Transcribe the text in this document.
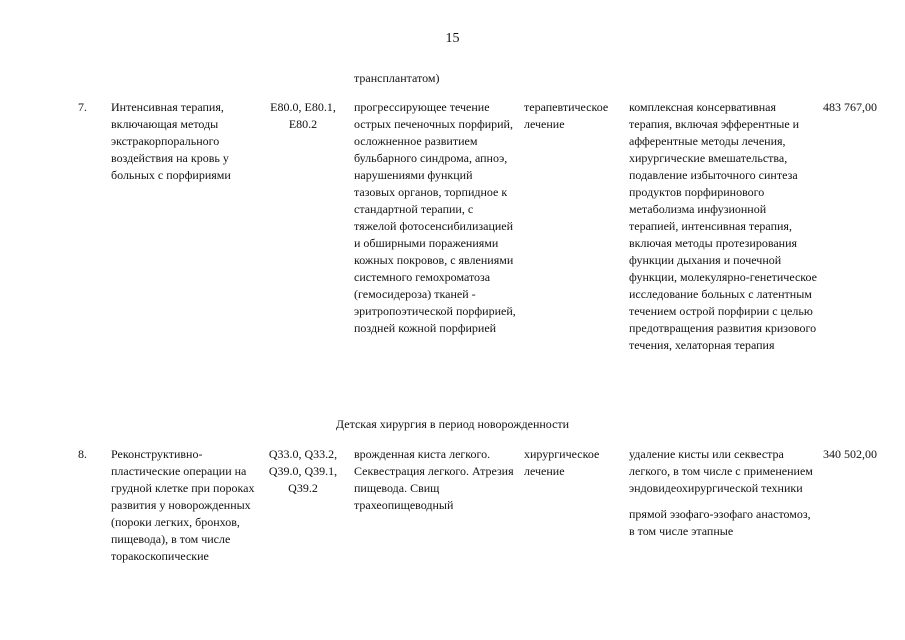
15
трансплантатом)
7.	Интенсивная терапия, включающая методы экстракорпорального воздействия на кровь у больных с порфириями
E80.0, E80.1, E80.2
прогрессирующее течение острых печеночных порфирий, осложненное развитием бульбарного синдрома, апноэ, нарушениями функций тазовых органов, торпидное к стандартной терапии, с тяжелой фотосенсибилизацией и обширными поражениями кожных покровов, с явлениями системного гемохроматоза (гемосидероза) тканей - эритропоэтической порфирией, поздней кожной порфирией
терапевтическое лечение

комплексная консервативная терапия, включая эфферентные и афферентные методы лечения, хирургические вмешательства, подавление избыточного синтеза продуктов порфиринового метаболизма инфузионной терапией, интенсивная терапия, включая методы протезирования функции дыхания и почечной функции, молекулярно-генетическое исследование больных с латентным течением острой порфирии с целью предотвращения развития кризового течения, хелаторная терапия

483 767,00
Детская хирургия в период новорожденности
8.	Реконструктивно-пластические операции на грудной клетке при пороках развития у новорожденных (пороки легких, бронхов, пищевода), в том числе торакоскопические
Q33.0, Q33.2, Q39.0, Q39.1, Q39.2
врожденная киста легкого. Секвестрация легкого. Атрезия пищевода. Свищ трахеопищеводный
хирургическое лечение

удаление кисты или секвестра легкого, в том числе с применением эндовидеохирургической техники

прямой эзофаго-эзофаго анастомоз, в том числе этапные

340 502,00
